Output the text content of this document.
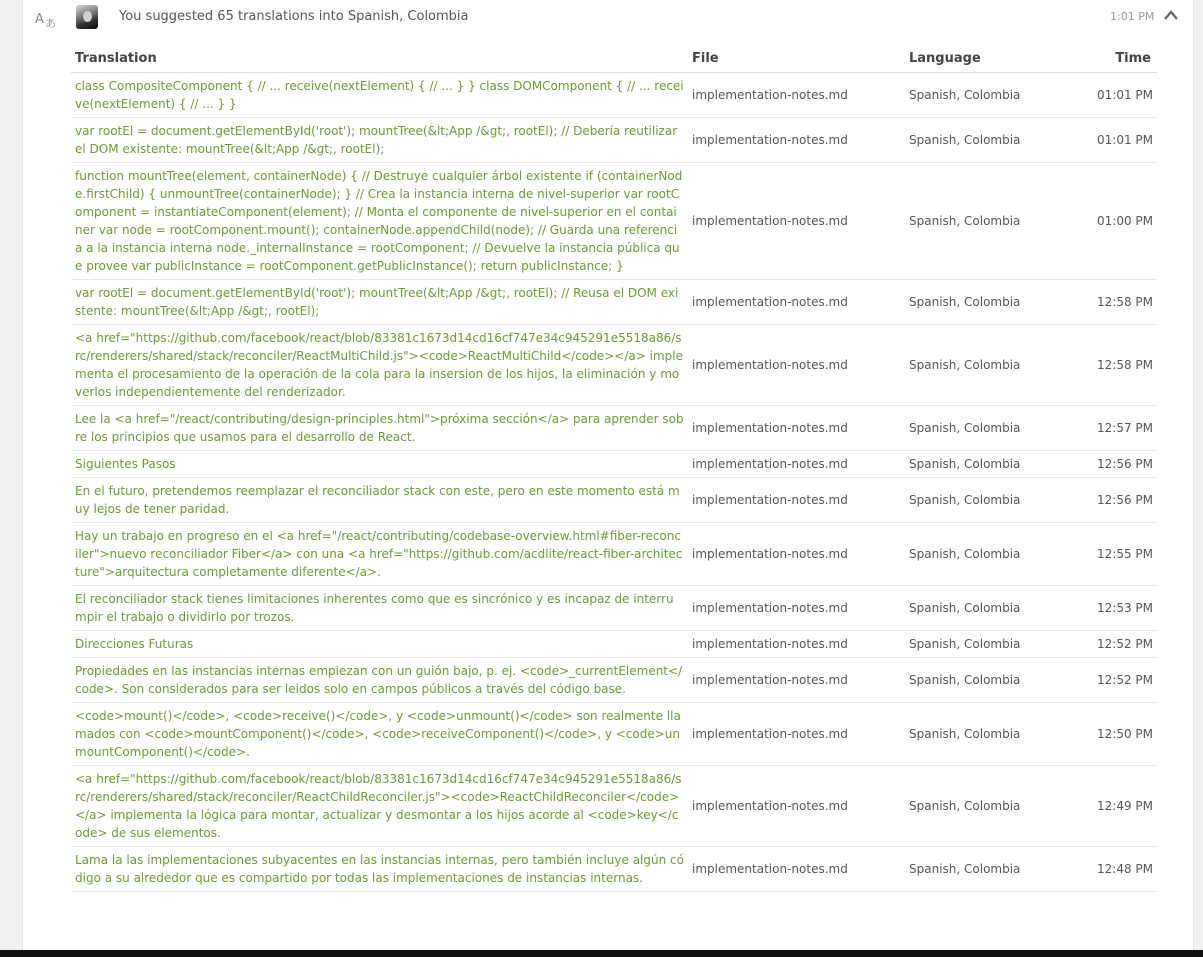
A あ	You suggested 65 translations into Spanish, Colombia	1:01 PM
Translation	File	Language	Time
class CompositeComponent { // ... receive(nextElement) { // ... } } class DOMComponent { // ... receive(nextElement) { // ... } }	implementation-notes.md	Spanish, Colombia	01:01 PM
var rootEl = document.getElementById('root'); mountTree(&lt;App /&gt;, rootEl); // Debería reutilizar el DOM existente: mountTree(&lt;App /&gt;, rootEl);	implementation-notes.md	Spanish, Colombia	01:01 PM
function mountTree(element, containerNode) { // Destruye cualquier árbol existente if (containerNode.firstChild) { unmountTree(containerNode); } // Crea la instancia interna de nivel-superior var rootComponent = instantiateComponent(element); // Monta el componente de nivel-superior en el container var node = rootComponent.mount(); containerNode.appendChild(node); // Guarda una referencia a la instancia interna node._internalInstance = rootComponent; // Devuelve la instancia pública que provee var publicInstance = rootComponent.getPublicInstance(); return publicInstance; }	implementation-notes.md	Spanish, Colombia	01:00 PM
var rootEl = document.getElementById('root'); mountTree(&lt;App /&gt;, rootEl); // Reusa el DOM existente: mountTree(&lt;App /&gt;, rootEl);	implementation-notes.md	Spanish, Colombia	12:58 PM
<a href="https://github.com/facebook/react/blob/83381c1673d14cd16cf747e34c945291e5518a86/src/renderers/shared/stack/reconciler/ReactMultiChild.js"><code>ReactMultiChild</code></a> implementa el procesamiento de la operación de la cola para la insersion de los hijos, la eliminación y moverlos independientemente del renderizador.	implementation-notes.md	Spanish, Colombia	12:58 PM
Lee la <a href="/react/contributing/design-principles.html">próxima sección</a> para aprender sobre los principios que usamos para el desarrollo de React.	implementation-notes.md	Spanish, Colombia	12:57 PM
Siguientes Pasos	implementation-notes.md	Spanish, Colombia	12:56 PM
En el futuro, pretendemos reemplazar el reconciliador stack con este, pero en este momento está muy lejos de tener paridad.	implementation-notes.md	Spanish, Colombia	12:56 PM
Hay un trabajo en progreso en el <a href="/react/contributing/codebase-overview.html#fiber-reconciler">nuevo reconciliador Fiber</a> con una <a href="https://github.com/acdlite/react-fiber-architecture">arquitectura completamente diferente</a>.	implementation-notes.md	Spanish, Colombia	12:55 PM
El reconciliador stack tienes limitaciones inherentes como que es sincrónico y es incapaz de interrumpir el trabajo o dividirlo por trozos.	implementation-notes.md	Spanish, Colombia	12:53 PM
Direcciones Futuras	implementation-notes.md	Spanish, Colombia	12:52 PM
Propiedades en las instancias internas empiezan con un guión bajo, p. ej. <code>_currentElement</code>. Son considerados para ser leidos solo en campos públicos a través del código base.	implementation-notes.md	Spanish, Colombia	12:52 PM
<code>mount()</code>, <code>receive()</code>, y <code>unmount()</code> son realmente llamados con <code>mountComponent()</code>, <code>receiveComponent()</code>, y <code>unmountComponent()</code>.	implementation-notes.md	Spanish, Colombia	12:50 PM
<a href="https://github.com/facebook/react/blob/83381c1673d14cd16cf747e34c945291e5518a86/src/renderers/shared/stack/reconciler/ReactChildReconciler.js"><code>ReactChildReconciler</code></a> implementa la lógica para montar, actualizar y desmontar a los hijos acorde al <code>key</code> de sus elementos.	implementation-notes.md	Spanish, Colombia	12:49 PM
Lama la las implementaciones subyacentes en las instancias internas, pero también incluye algún código a su alrededor que es compartido por todas las implementaciones de instancias internas.	implementation-notes.md	Spanish, Colombia	12:48 PM
